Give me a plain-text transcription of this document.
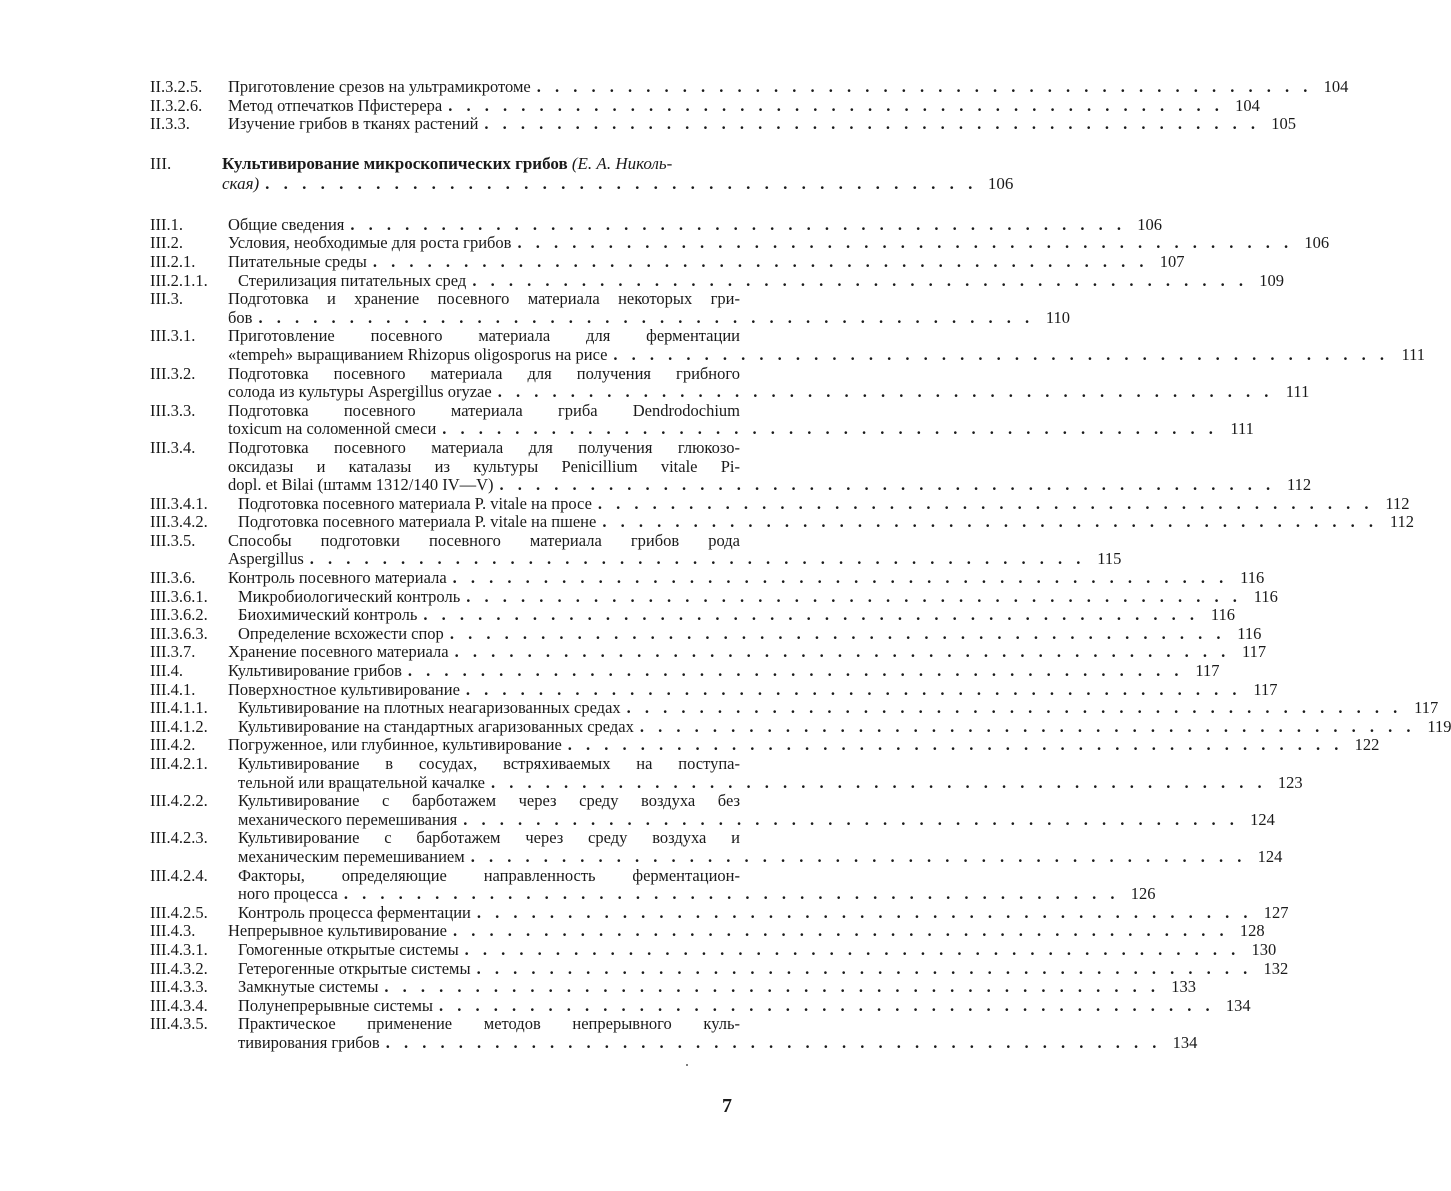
II.3.2.5.	Приготовление срезов на ультрамикротоме . . . . . . . . . . . . . . . . . . . . . . . . . . . . . . . . . . . . . . . . . . . 104
II.3.2.6.	Метод отпечатков Пфистерера . . . . . . . . . . . . . . . . . . . . . . . . . . . . . . . . . . . . . . . . . . . 104
II.3.3.	Изучение грибов в тканях растений . . . . . . . . . . . . . . . . . . . . . . . . . . . . . . . . . . . . . . . . . . . 105
III.	Культивирование микроскопических грибов (Е. А. Николь-
ская) . . . . . . . . . . . . . . . . . . . . . . . . . . . . . . . . . . . . . . . 106
III.1.	Общие сведения . . . . . . . . . . . . . . . . . . . . . . . . . . . . . . . . . . . . . . . . . . . 106
III.2.	Условия, необходимые для роста грибов . . . . . . . . . . . . . . . . . . . . . . . . . . . . . . . . . . . . . . . . . . . 106
III.2.1.	Питательные среды . . . . . . . . . . . . . . . . . . . . . . . . . . . . . . . . . . . . . . . . . . . 107
III.2.1.1.	Стерилизация питательных сред . . . . . . . . . . . . . . . . . . . . . . . . . . . . . . . . . . . . . . . . . . . 109
III.3.	Подготовка и хранение посевного материала некоторых гри-
бов . . . . . . . . . . . . . . . . . . . . . . . . . . . . . . . . . . . . . . . . . . . 110
III.3.1.	Приготовление посевного материала для ферментации
«tempeh» выращиванием Rhizopus oligosporus на рисе . . . . . . . . . . . . . . . . . . . . . . . . . . . . . . . . . . . . . . . . . . . 111
III.3.2.	Подготовка посевного материала для получения грибного
солода из культуры Aspergillus oryzae . . . . . . . . . . . . . . . . . . . . . . . . . . . . . . . . . . . . . . . . . . . 111
III.3.3.	Подготовка посевного материала гриба Dendrodochium
toxicum на соломенной смеси . . . . . . . . . . . . . . . . . . . . . . . . . . . . . . . . . . . . . . . . . . . 111
III.3.4.	Подготовка посевного материала для получения глюкозо-
оксидазы и каталазы из культуры Penicillium vitale Pi-
dopl. et Bilai (штамм 1312/140 IV—V) . . . . . . . . . . . . . . . . . . . . . . . . . . . . . . . . . . . . . . . . . . . 112
III.3.4.1.	Подготовка посевного материала P. vitale на просе . . . . . . . . . . . . . . . . . . . . . . . . . . . . . . . . . . . . . . . . . . . 112
III.3.4.2.	Подготовка посевного материала P. vitale на пшене . . . . . . . . . . . . . . . . . . . . . . . . . . . . . . . . . . . . . . . . . . . 112
III.3.5.	Способы подготовки посевного материала грибов рода
Aspergillus . . . . . . . . . . . . . . . . . . . . . . . . . . . . . . . . . . . . . . . . . . . 115
III.3.6.	Контроль посевного материала . . . . . . . . . . . . . . . . . . . . . . . . . . . . . . . . . . . . . . . . . . . 116
III.3.6.1.	Микробиологический контроль . . . . . . . . . . . . . . . . . . . . . . . . . . . . . . . . . . . . . . . . . . . 116
III.3.6.2.	Биохимический контроль . . . . . . . . . . . . . . . . . . . . . . . . . . . . . . . . . . . . . . . . . . . 116
III.3.6.3.	Определение всхожести спор . . . . . . . . . . . . . . . . . . . . . . . . . . . . . . . . . . . . . . . . . . . 116
III.3.7.	Хранение посевного материала . . . . . . . . . . . . . . . . . . . . . . . . . . . . . . . . . . . . . . . . . . . 117
III.4.	Культивирование грибов . . . . . . . . . . . . . . . . . . . . . . . . . . . . . . . . . . . . . . . . . . . 117
III.4.1.	Поверхностное культивирование . . . . . . . . . . . . . . . . . . . . . . . . . . . . . . . . . . . . . . . . . . . 117
III.4.1.1.	Культивирование на плотных неагаризованных средах . . . . . . . . . . . . . . . . . . . . . . . . . . . . . . . . . . . . . . . . . . . 117
III.4.1.2.	Культивирование на стандартных агаризованных средах . . . . . . . . . . . . . . . . . . . . . . . . . . . . . . . . . . . . . . . . . . . 119
III.4.2.	Погруженное, или глубинное, культивирование . . . . . . . . . . . . . . . . . . . . . . . . . . . . . . . . . . . . . . . . . . . 122
III.4.2.1.	Культивирование в сосудах, встряхиваемых на поступа-
тельной или вращательной качалке . . . . . . . . . . . . . . . . . . . . . . . . . . . . . . . . . . . . . . . . . . . 123
III.4.2.2.	Культивирование с барботажем через среду воздуха без
механического перемешивания . . . . . . . . . . . . . . . . . . . . . . . . . . . . . . . . . . . . . . . . . . . 124
III.4.2.3.	Культивирование с барботажем через среду воздуха и
механическим перемешиванием . . . . . . . . . . . . . . . . . . . . . . . . . . . . . . . . . . . . . . . . . . . 124
III.4.2.4.	Факторы, определяющие направленность ферментацион-
ного процесса . . . . . . . . . . . . . . . . . . . . . . . . . . . . . . . . . . . . . . . . . . . 126
III.4.2.5.	Контроль процесса ферментации . . . . . . . . . . . . . . . . . . . . . . . . . . . . . . . . . . . . . . . . . . . 127
III.4.3.	Непрерывное культивирование . . . . . . . . . . . . . . . . . . . . . . . . . . . . . . . . . . . . . . . . . . . 128
III.4.3.1.	Гомогенные открытые системы . . . . . . . . . . . . . . . . . . . . . . . . . . . . . . . . . . . . . . . . . . . 130
III.4.3.2.	Гетерогенные открытые системы . . . . . . . . . . . . . . . . . . . . . . . . . . . . . . . . . . . . . . . . . . . 132
III.4.3.3.	Замкнутые системы . . . . . . . . . . . . . . . . . . . . . . . . . . . . . . . . . . . . . . . . . . . 133
III.4.3.4.	Полунепрерывные системы . . . . . . . . . . . . . . . . . . . . . . . . . . . . . . . . . . . . . . . . . . . 134
III.4.3.5.	Практическое применение методов непрерывного куль-
тивирования грибов . . . . . . . . . . . . . . . . . . . . . . . . . . . . . . . . . . . . . . . . . . . 134
7
